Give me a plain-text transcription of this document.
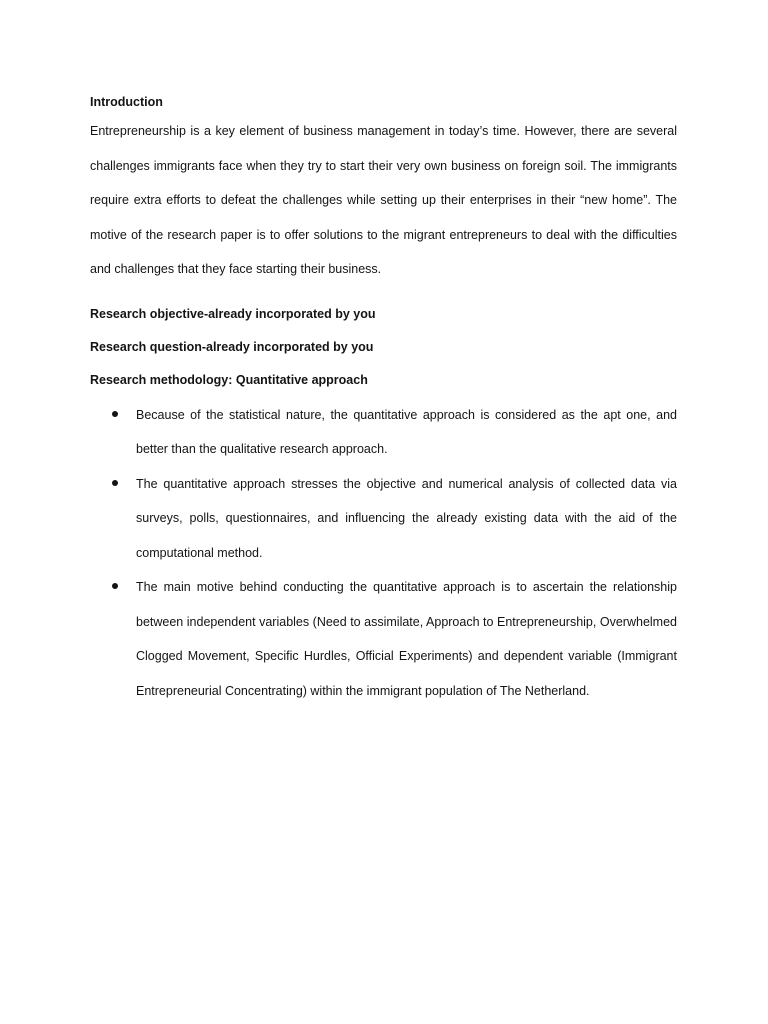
Introduction

Entrepreneurship is a key element of business management in today’s time. However, there are several challenges immigrants face when they try to start their very own business on foreign soil. The immigrants require extra efforts to defeat the challenges while setting up their enterprises in their “new home”. The motive of the research paper is to offer solutions to the migrant entrepreneurs to deal with the difficulties and challenges that they face starting their business.

Research objective-already incorporated by you
Research question-already incorporated by you
Research methodology: Quantitative approach
Because of the statistical nature, the quantitative approach is considered as the apt one, and better than the qualitative research approach.
The quantitative approach stresses the objective and numerical analysis of collected data via surveys, polls, questionnaires, and influencing the already existing data with the aid of the computational method.
The main motive behind conducting the quantitative approach is to ascertain the relationship between independent variables (Need to assimilate, Approach to Entrepreneurship, Overwhelmed Clogged Movement, Specific Hurdles, Official Experiments) and dependent variable (Immigrant Entrepreneurial Concentrating) within the immigrant population of The Netherland.
